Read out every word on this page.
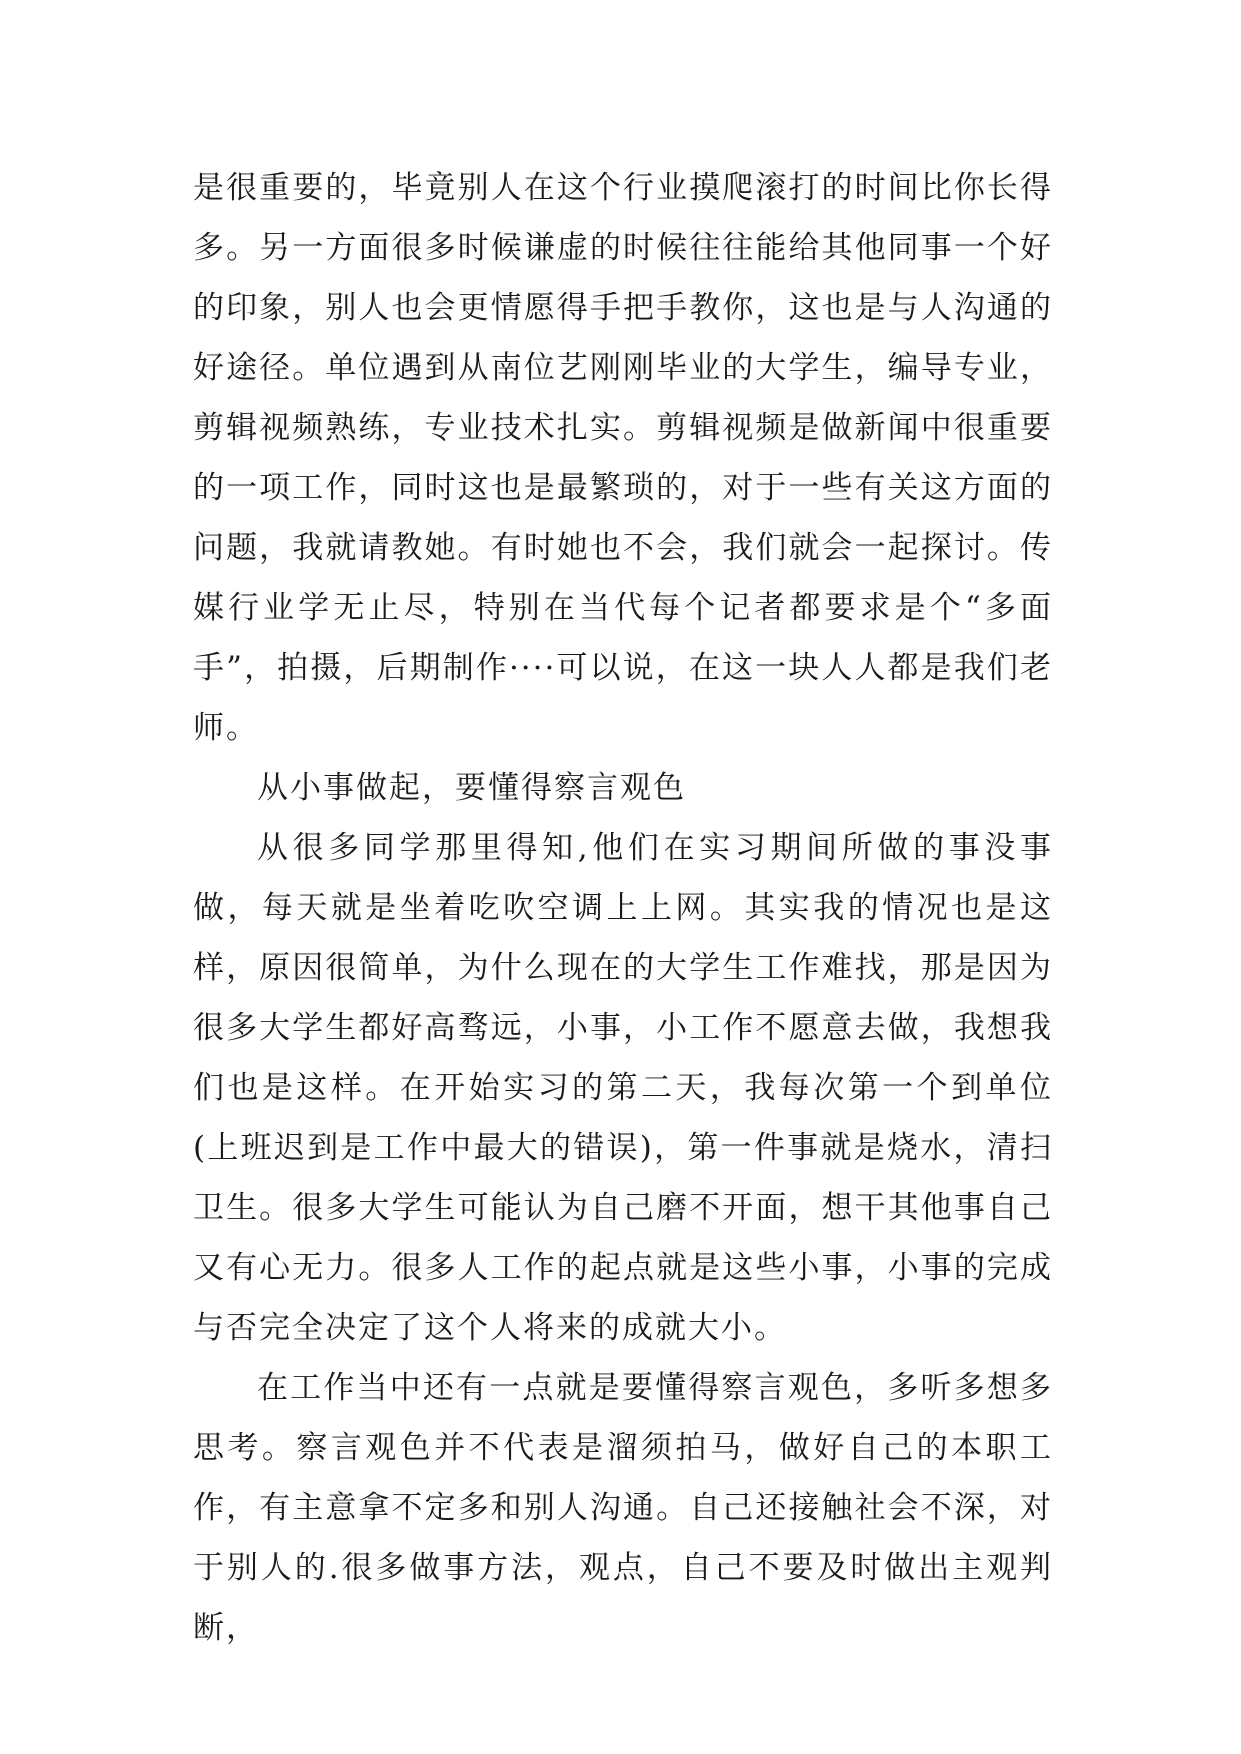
是很重要的，毕竟别人在这个行业摸爬滚打的时间比你长得多。另一方面很多时候谦虚的时候往往能给其他同事一个好的印象，别人也会更情愿得手把手教你，这也是与人沟通的好途径。单位遇到从南位艺刚刚毕业的大学生，编导专业，剪辑视频熟练，专业技术扎实。剪辑视频是做新闻中很重要的一项工作，同时这也是最繁琐的，对于一些有关这方面的问题，我就请教她。有时她也不会，我们就会一起探讨。传媒行业学无止尽，特别在当代每个记者都要求是个“多面手”，拍摄，后期制作····可以说，在这一块人人都是我们老师。

从小事做起，要懂得察言观色

从很多同学那里得知,他们在实习期间所做的事没事做，每天就是坐着吃吹空调上上网。其实我的情况也是这样，原因很简单，为什么现在的大学生工作难找，那是因为很多大学生都好高骛远，小事，小工作不愿意去做，我想我们也是这样。在开始实习的第二天，我每次第一个到单位(上班迟到是工作中最大的错误)，第一件事就是烧水，清扫卫生。很多大学生可能认为自己磨不开面，想干其他事自己又有心无力。很多人工作的起点就是这些小事，小事的完成与否完全决定了这个人将来的成就大小。

在工作当中还有一点就是要懂得察言观色，多听多想多思考。察言观色并不代表是溜须拍马，做好自己的本职工作，有主意拿不定多和别人沟通。自己还接触社会不深，对于别人的.很多做事方法，观点，自己不要及时做出主观判断，
